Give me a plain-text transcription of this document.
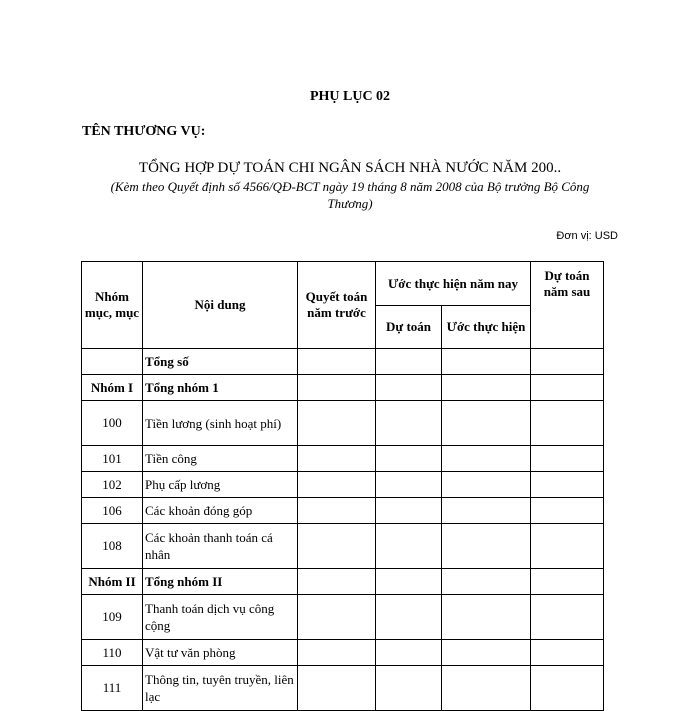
PHỤ LỤC 02
TÊN THƯƠNG VỤ:
TỔNG HỢP DỰ TOÁN CHI NGÂN SÁCH NHÀ NƯỚC NĂM 200..
(Kèm theo Quyết định số 4566/QĐ-BCT ngày 19 tháng 8 năm 2008 của Bộ trưởng Bộ Công Thương)
Đơn vị: USD
Nhóm mục, mục	Nội dung	Quyết toán năm trước	Ước thực hiện năm nay		Dự toán năm sau
			Dự toán	Ước thực hiện	
	Tổng số				
Nhóm I	Tổng nhóm 1				
100	Tiền lương (sinh hoạt phí)				
101	Tiền công				
102	Phụ cấp lương				
106	Các khoản đóng góp				
108	Các khoản thanh toán cá nhân				
Nhóm II	Tổng nhóm II				
109	Thanh toán dịch vụ công cộng				
110	Vật tư văn phòng				
111	Thông tin, tuyên truyền, liên lạc				
